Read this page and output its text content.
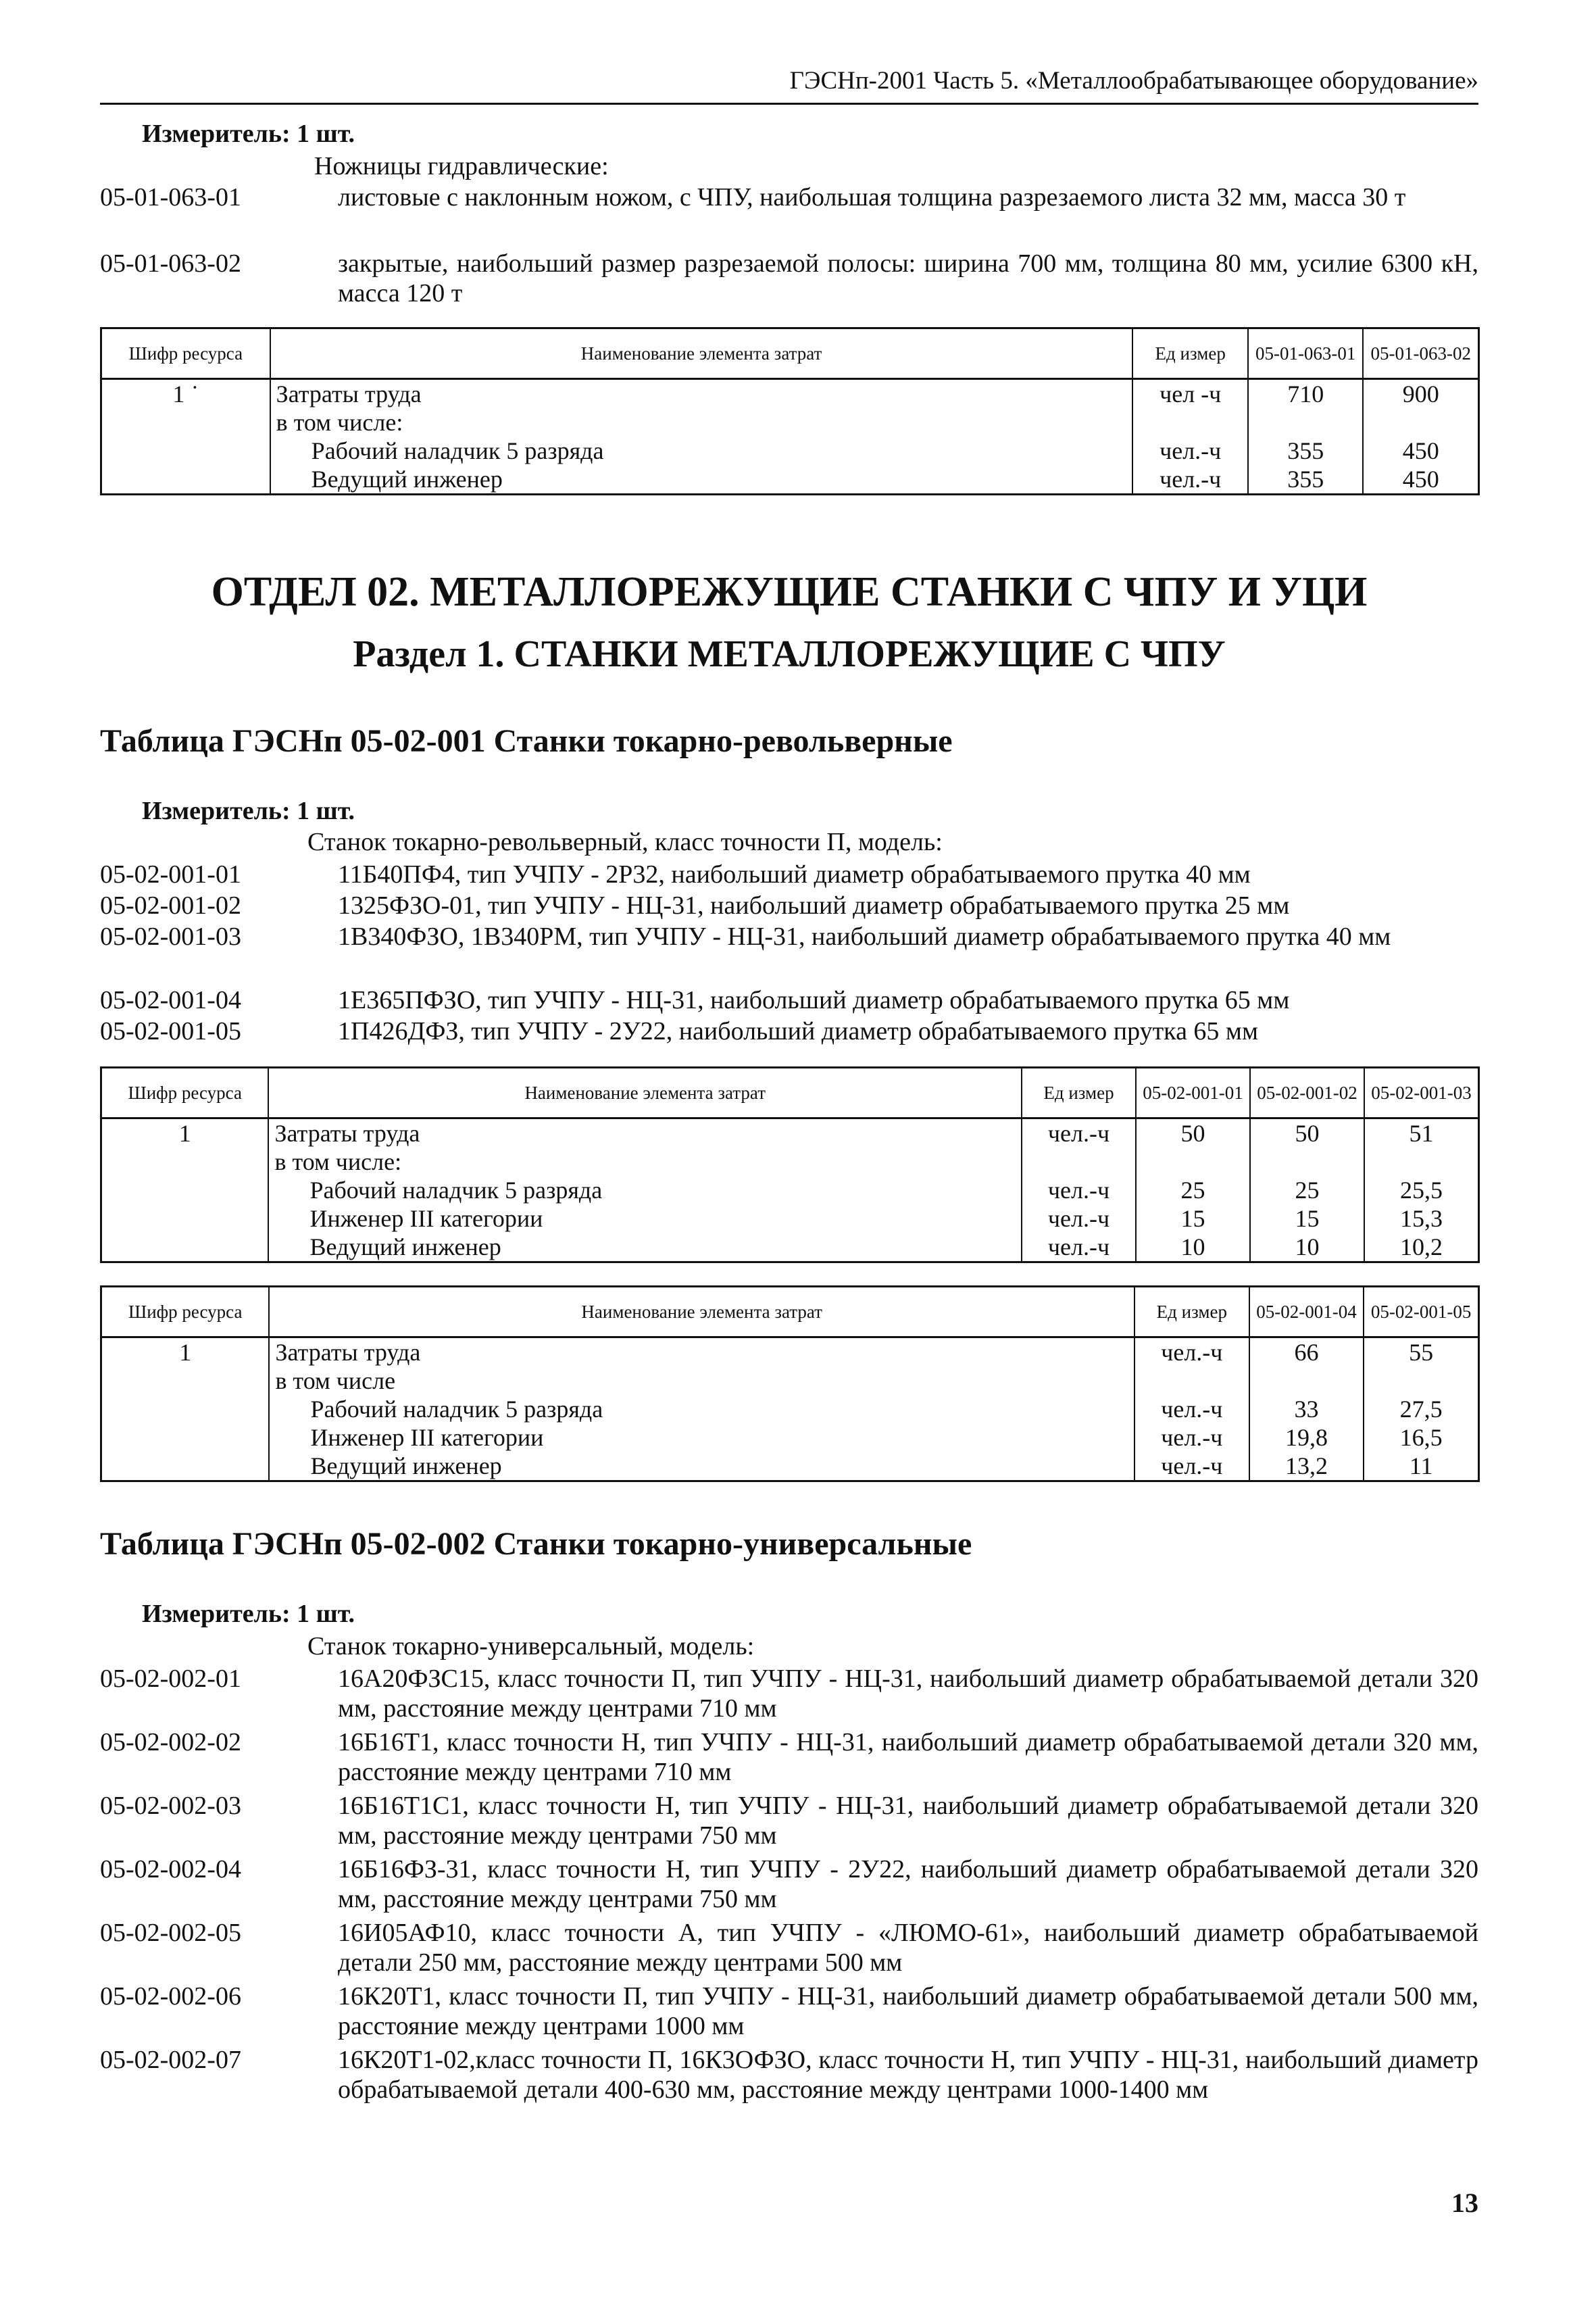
ГЭСНп-2001 Часть 5. «Металлообрабатывающее оборудование»
Измеритель: 1 шт.
Ножницы гидравлические:
05-01-063-01	листовые с наклонным ножом, с ЧПУ, наибольшая толщина разрезаемого листа 32 мм, масса 30 т
05-01-063-02	закрытые, наибольший размер разрезаемой полосы: ширина 700 мм, толщина 80 мм, усилие 6300 кН, масса 120 т
Шифр ресурса	Наименование элемента затрат	Ед измер	05-01-063-01	05-01-063-02
1 ˙	Затраты труда	чел -ч	710	900
	в том числе:			
	Рабочий наладчик 5 разряда	чел.-ч	355	450
	Ведущий инженер	чел.-ч	355	450
ОТДЕЛ 02. МЕТАЛЛОРЕЖУЩИЕ СТАНКИ С ЧПУ И УЦИ
Раздел 1. СТАНКИ МЕТАЛЛОРЕЖУЩИЕ С ЧПУ
Таблица ГЭСНп 05-02-001 Станки токарно-револьверные
Измеритель: 1 шт.
Станок токарно-револьверный, класс точности П, модель:
05-02-001-01	11Б40ПФ4, тип УЧПУ - 2Р32, наибольший диаметр обрабатываемого прутка 40 мм
05-02-001-02	1325ФЗО-01, тип УЧПУ - НЦ-31, наибольший диаметр обрабатываемого прутка 25 мм
05-02-001-03	1В340ФЗО, 1В340РМ, тип УЧПУ - НЦ-31, наибольший диаметр обрабатываемого прутка 40 мм
05-02-001-04	1Е365ПФЗО, тип УЧПУ - НЦ-31, наибольший диаметр обрабатываемого прутка 65 мм
05-02-001-05	1П426ДФЗ, тип УЧПУ - 2У22, наибольший диаметр обрабатываемого прутка 65 мм
Шифр ресурса	Наименование элемента затрат	Ед измер	05-02-001-01	05-02-001-02	05-02-001-03
1	Затраты труда	чел.-ч	50	50	51
	в том числе:				
	Рабочий наладчик 5 разряда	чел.-ч	25	25	25,5
	Инженер III категории	чел.-ч	15	15	15,3
	Ведущий инженер	чел.-ч	10	10	10,2
Шифр ресурса	Наименование элемента затрат	Ед измер	05-02-001-04	05-02-001-05
1	Затраты труда	чел.-ч	66	55
	в том числе			
	Рабочий наладчик 5 разряда	чел.-ч	33	27,5
	Инженер III категории	чел.-ч	19,8	16,5
	Ведущий инженер	чел.-ч	13,2	11
Таблица ГЭСНп 05-02-002 Станки токарно-универсальные
Измеритель: 1 шт.
Станок токарно-универсальный, модель:
05-02-002-01	16А20ФЗС15, класс точности П, тип УЧПУ - НЦ-31, наибольший диаметр обрабатываемой детали 320 мм, расстояние между центрами 710 мм
05-02-002-02	16Б16Т1, класс точности Н, тип УЧПУ - НЦ-31, наибольший диаметр обрабатываемой детали 320 мм, расстояние между центрами 710 мм
05-02-002-03	16Б16Т1С1, класс точности Н, тип УЧПУ - НЦ-31, наибольший диаметр обрабатываемой детали 320 мм, расстояние между центрами 750 мм
05-02-002-04	16Б16ФЗ-31, класс точности Н, тип УЧПУ - 2У22, наибольший диаметр обрабатываемой детали 320 мм, расстояние между центрами 750 мм
05-02-002-05	16И05АФ10, класс точности А, тип УЧПУ - «ЛЮМО-61», наибольший диаметр обрабатываемой детали 250 мм, расстояние между центрами 500 мм
05-02-002-06	16К20Т1, класс точности П, тип УЧПУ - НЦ-31, наибольший диаметр обрабатываемой детали 500 мм, расстояние между центрами 1000 мм
05-02-002-07	16К20Т1-02,класс точности П, 16К3ОФЗО, класс точности Н, тип УЧПУ - НЦ-31, наибольший диаметр обрабатываемой детали 400-630 мм, расстояние между центрами 1000-1400 мм
13
